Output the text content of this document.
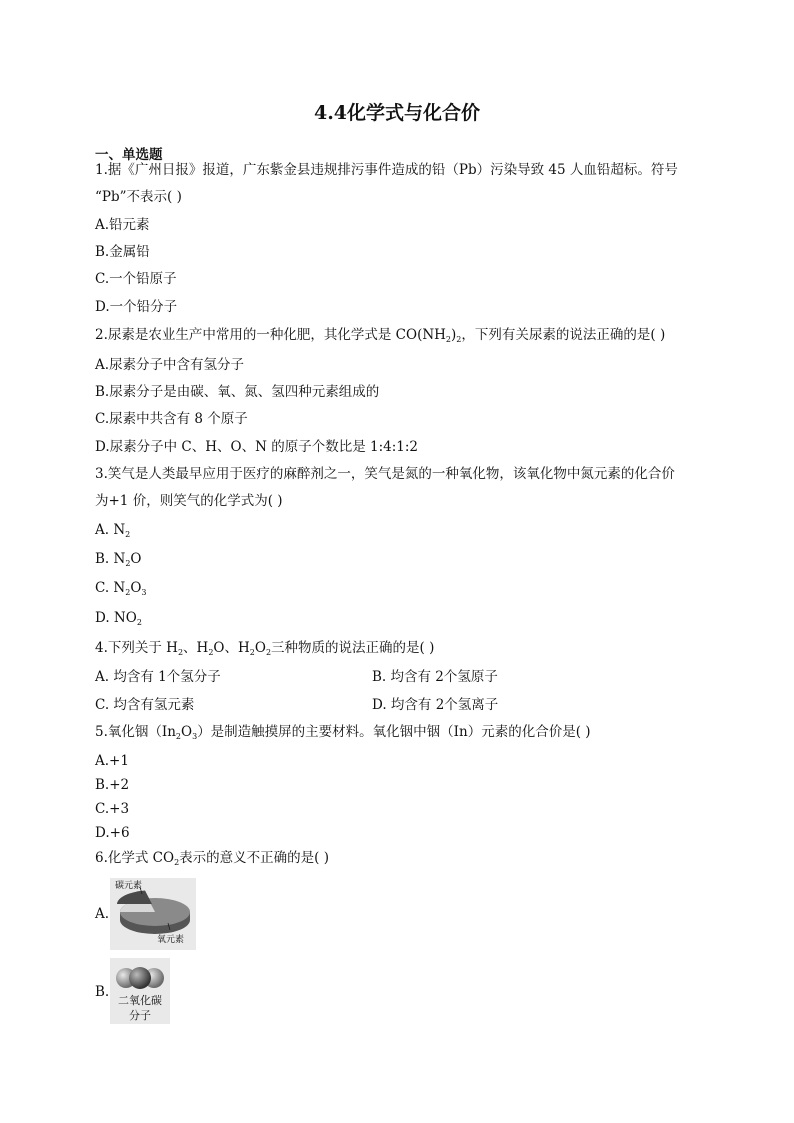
4.4化学式与化合价
一、单选题
1.据《广州日报》报道，广东紫金县违规排污事件造成的铅（Pb）污染导致 45 人血铅超标。符号
“Pb”不表示( )
A.铅元素
B.金属铅
C.一个铅原子
D.一个铅分子
2.尿素是农业生产中常用的一种化肥，其化学式是 $CO(NH_2)_2$，下列有关尿素的说法正确的是( )
A.尿素分子中含有氢分子
B.尿素分子是由碳、氧、氮、氢四种元素组成的
C.尿素中共含有 8 个原子
D.尿素分子中 C、H、O、N 的原子个数比是 1:4:1:2
3.笑气是人类最早应用于医疗的麻醉剂之一，笑气是氮的一种氧化物，该氧化物中氮元素的化合价
为+1 价，则笑气的化学式为( )
A. $N_2$
B. $N_2O$
C. $N_2O_3$
D. $NO_2$
4.下列关于 $H_2$、$H_2O$、$H_2O_2$三种物质的说法正确的是( )
A. 均含有 1个氢分子	B. 均含有 2个氢原子
C. 均含有氢元素	D. 均含有 2个氢离子
5.氧化铟$(In_2O_3)$是制造触摸屏的主要材料。氧化铟中铟（In）元素的化合价是( )
A.+1
B.+2
C.+3
D.+6
6.化学式 $CO_2$表示的意义不正确的是( )
A.
碳元素
氧元素
B.
二氧化碳
分子
